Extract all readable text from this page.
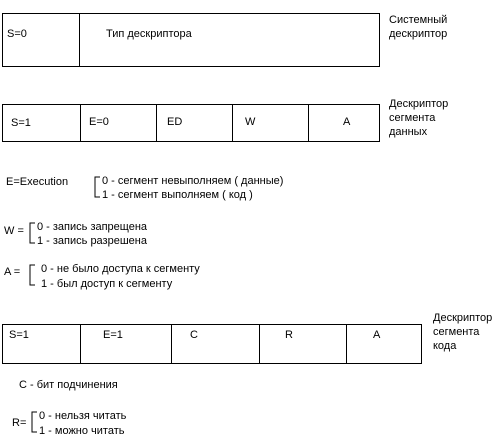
S=0	Тип дескриптора
Системный
дескриптор
S=1	E=0	ED	W	A
Дескриптор
сегмента
данных
E=Execution	0 - сегмент невыполняем ( данные)
1 - сегмент выполняем ( код )
W = 0 - запись запрещена
1 - запись разрешена
A = 0 - не было доступа к сегменту
1 - был доступ к сегменту
S=1	E=1	C	R	A
Дескриптор
сегмента
кода
C - бит подчинения
R=
0 - нельзя читать
1 - можно читать
